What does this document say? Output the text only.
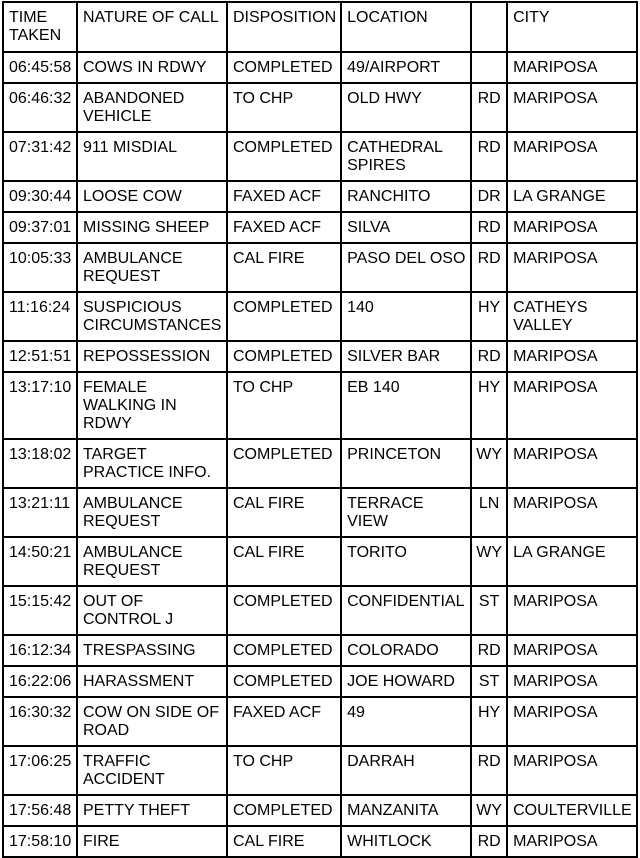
TIME TAKEN	NATURE OF CALL	DISPOSITION	LOCATION		CITY
06:45:58	COWS IN RDWY	COMPLETED	49/AIRPORT		MARIPOSA
06:46:32	ABANDONED VEHICLE	TO CHP	OLD HWY	RD	MARIPOSA
07:31:42	911 MISDIAL	COMPLETED	CATHEDRAL SPIRES	RD	MARIPOSA
09:30:44	LOOSE COW	FAXED ACF	RANCHITO	DR	LA GRANGE
09:37:01	MISSING SHEEP	FAXED ACF	SILVA	RD	MARIPOSA
10:05:33	AMBULANCE REQUEST	CAL FIRE	PASO DEL OSO	RD	MARIPOSA
11:16:24	SUSPICIOUS CIRCUMSTANCES	COMPLETED	140	HY	CATHEYS VALLEY
12:51:51	REPOSSESSION	COMPLETED	SILVER BAR	RD	MARIPOSA
13:17:10	FEMALE WALKING IN RDWY	TO CHP	EB 140	HY	MARIPOSA
13:18:02	TARGET PRACTICE INFO.	COMPLETED	PRINCETON	WY	MARIPOSA
13:21:11	AMBULANCE REQUEST	CAL FIRE	TERRACE VIEW	LN	MARIPOSA
14:50:21	AMBULANCE REQUEST	CAL FIRE	TORITO	WY	LA GRANGE
15:15:42	OUT OF CONTROL J	COMPLETED	CONFIDENTIAL	ST	MARIPOSA
16:12:34	TRESPASSING	COMPLETED	COLORADO	RD	MARIPOSA
16:22:06	HARASSMENT	COMPLETED	JOE HOWARD	ST	MARIPOSA
16:30:32	COW ON SIDE OF ROAD	FAXED ACF	49	HY	MARIPOSA
17:06:25	TRAFFIC ACCIDENT	TO CHP	DARRAH	RD	MARIPOSA
17:56:48	PETTY THEFT	COMPLETED	MANZANITA	WY	COULTERVILLE
17:58:10	FIRE	CAL FIRE	WHITLOCK	RD	MARIPOSA
